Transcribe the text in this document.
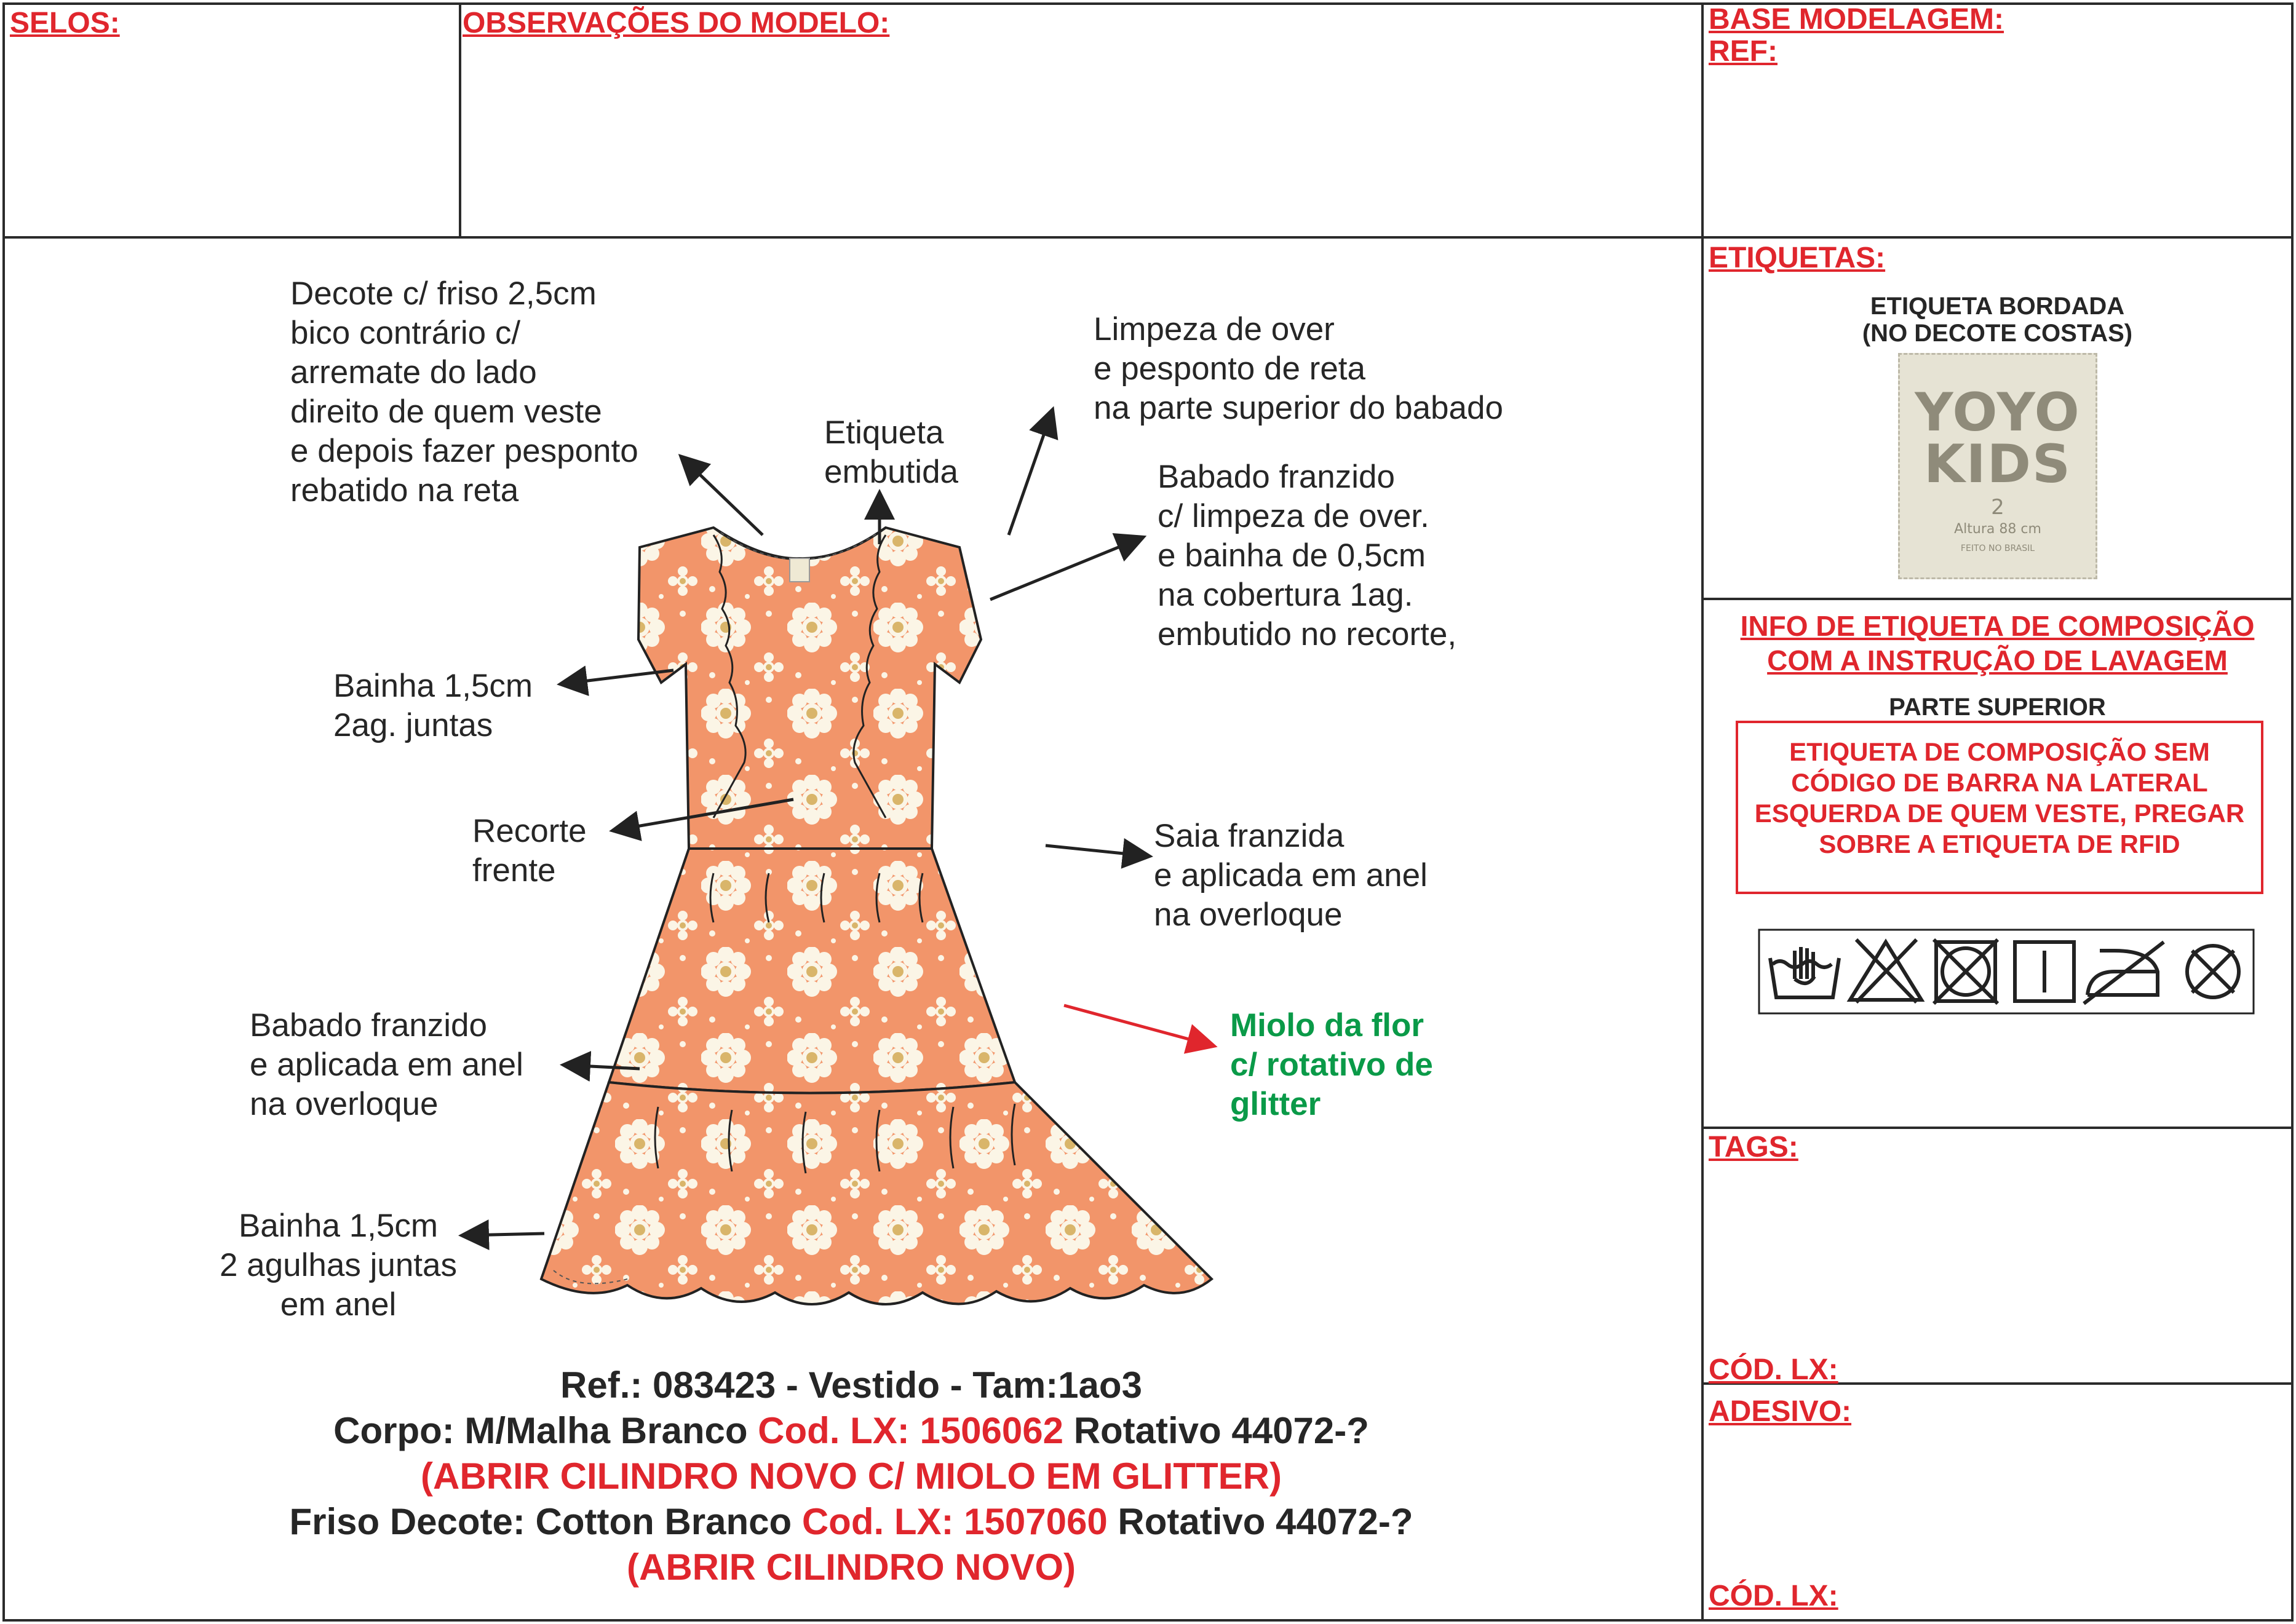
SELOS:	OBSERVAÇÕES DO MODELO:	BASE MODELAGEM:
REF:
ETIQUETAS:
ETIQUETA BORDADA
(NO DECOTE COSTAS)
YOYO
KIDS
2
Altura 88 cm
FEITO NO BRASIL
INFO DE ETIQUETA DE COMPOSIÇÃO
COM A INSTRUÇÃO DE LAVAGEM
PARTE SUPERIOR
ETIQUETA DE COMPOSIÇÃO SEM CÓDIGO DE BARRA NA LATERAL ESQUERDA DE QUEM VESTE, PREGAR SOBRE A ETIQUETA DE RFID
TAGS:
CÓD. LX:
ADESIVO:
CÓD. LX:
Decote c/ friso 2,5cm
bico contrário c/
arremate do lado
direito de quem veste
e depois fazer pesponto
rebatido na reta
Etiqueta
embutida
Limpeza de over
e pesponto de reta
na parte superior do babado
Babado franzido
c/ limpeza de over.
e bainha de 0,5cm
na cobertura 1ag.
embutido no recorte,
Bainha 1,5cm
2ag. juntas
Recorte
frente
Saia franzida
e aplicada em anel
na overloque
Babado franzido
e aplicada em anel
na overloque
Miolo da flor
c/ rotativo de
glitter
Bainha 1,5cm
2 agulhas juntas
em anel
Ref.: 083423 - Vestido - Tam:1ao3
Corpo: M/Malha Branco Cod. LX: 1506062 Rotativo 44072-?
(ABRIR CILINDRO NOVO C/ MIOLO EM GLITTER)
Friso Decote: Cotton Branco Cod. LX: 1507060 Rotativo 44072-?
(ABRIR CILINDRO NOVO)
